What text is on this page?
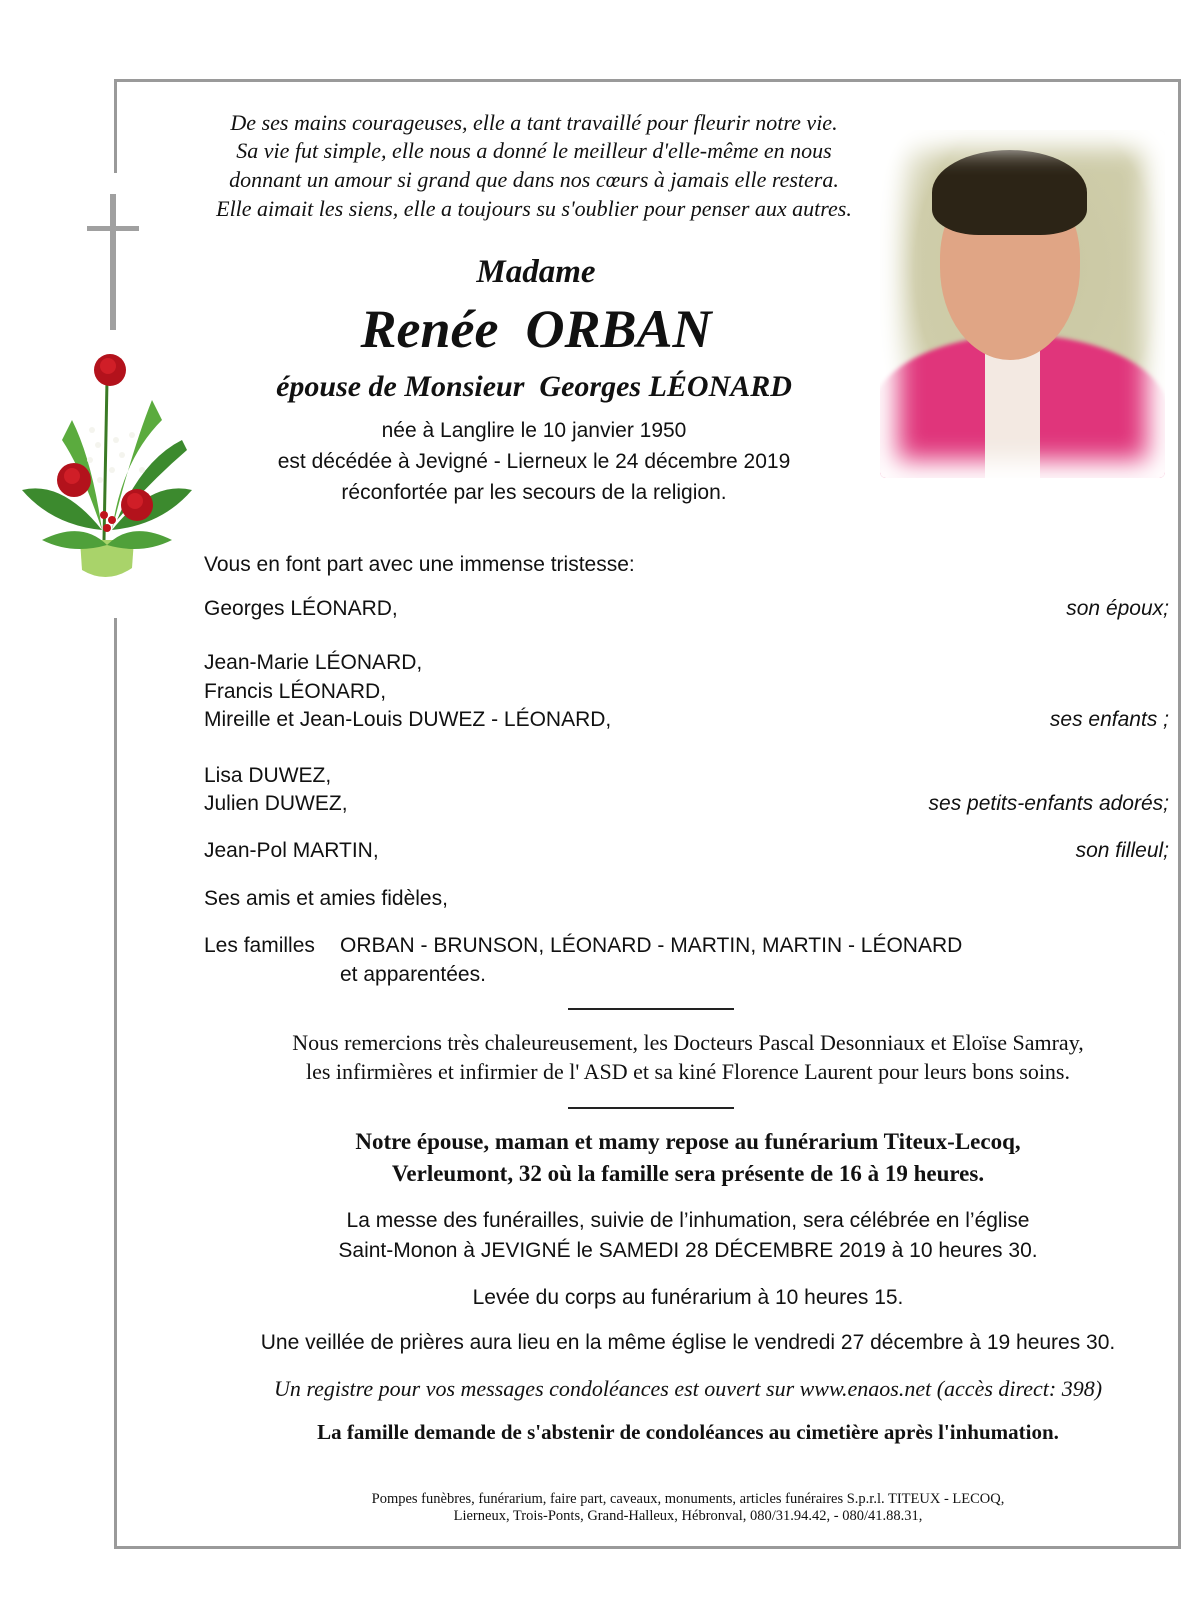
De ses mains courageuses, elle a tant travaillé pour fleurir notre vie.
Sa vie fut simple, elle nous a donné le meilleur d'elle-même en nous
donnant un amour si grand que dans nos cœurs à jamais elle restera.
Elle aimait les siens, elle a toujours su s'oublier pour penser aux autres.
Madame
Renée  ORBAN
épouse de Monsieur  Georges LÉONARD
née à Langlire le 10 janvier 1950
est décédée à Jevigné - Lierneux le 24 décembre 2019
réconfortée par les secours de la religion.
Vous en font part avec une immense tristesse:
Georges LÉONARD,	son époux;
Jean-Marie LÉONARD,
Francis LÉONARD,
Mireille et Jean-Louis DUWEZ - LÉONARD,	ses enfants ;
Lisa DUWEZ,
Julien DUWEZ,	ses petits-enfants adorés;
Jean-Pol MARTIN,	son filleul;
Ses amis et amies fidèles,
Les familles ORBAN - BRUNSON, LÉONARD - MARTIN, MARTIN - LÉONARD
et apparentées.
Nous remercions très chaleureusement, les Docteurs Pascal Desonniaux et Eloïse Samray,
les infirmières et infirmier de l' ASD et sa kiné Florence Laurent pour leurs bons soins.
Notre épouse, maman et mamy repose au funérarium Titeux-Lecoq,
Verleumont, 32 où la famille sera présente de 16 à 19 heures.
La messe des funérailles, suivie de l’inhumation, sera célébrée en l’église
Saint-Monon à JEVIGNÉ le SAMEDI 28 DÉCEMBRE 2019 à 10 heures 30.
Levée du corps au funérarium à 10 heures 15.
Une veillée de prières aura lieu en la même église le vendredi 27 décembre à 19 heures 30.
Un registre pour vos messages condoléances est ouvert sur www.enaos.net (accès direct: 398)
La famille demande de s'abstenir de condoléances au cimetière après l'inhumation.
Pompes funèbres, funérarium, faire part, caveaux, monuments, articles funéraires S.p.r.l. TITEUX - LECOQ,
Lierneux, Trois-Ponts, Grand-Halleux, Hébronval, 080/31.94.42, - 080/41.88.31,
